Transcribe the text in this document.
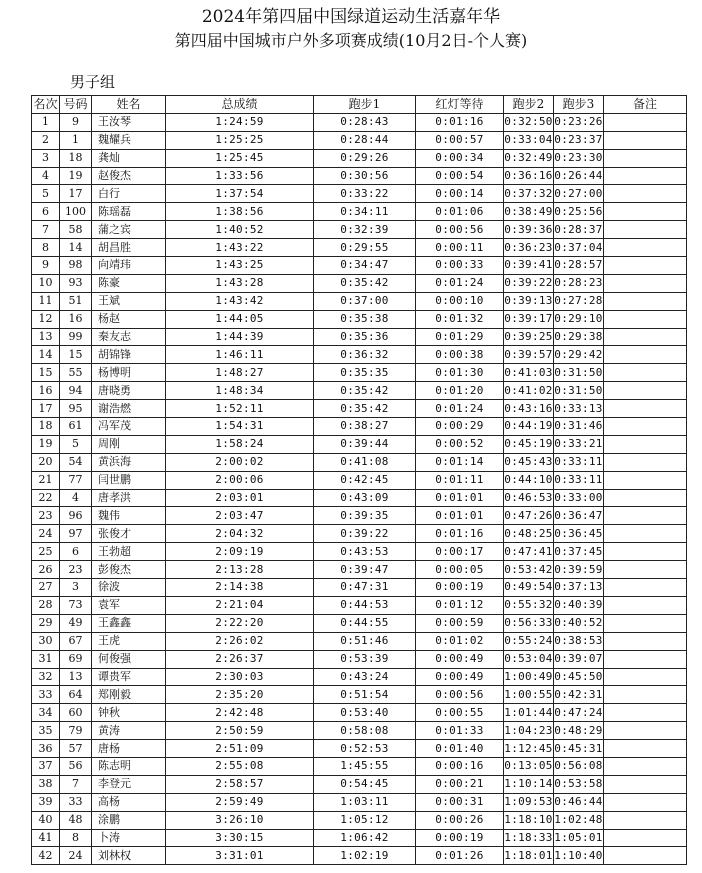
2024年第四届中国绿道运动生活嘉年华
第四届中国城市户外多项赛成绩(10月2日-个人赛)
男子组
名次	号码	姓名	总成绩	跑步1	红灯等待	跑步2	跑步3	备注
1	9	王汝琴	1:24:59	0:28:43	0:01:16	0:32:50	0:23:26	
2	1	魏耀兵	1:25:25	0:28:44	0:00:57	0:33:04	0:23:37	
3	18	龚灿	1:25:45	0:29:26	0:00:34	0:32:49	0:23:30	
4	19	赵俊杰	1:33:56	0:30:56	0:00:54	0:36:16	0:26:44	
5	17	白行	1:37:54	0:33:22	0:00:14	0:37:32	0:27:00	
6	100	陈瑶磊	1:38:56	0:34:11	0:01:06	0:38:49	0:25:56	
7	58	蒲之宾	1:40:52	0:32:39	0:00:56	0:39:36	0:28:37	
8	14	胡昌胜	1:43:22	0:29:55	0:00:11	0:36:23	0:37:04	
9	98	向靖玮	1:43:25	0:34:47	0:00:33	0:39:41	0:28:57	
10	93	陈豪	1:43:28	0:35:42	0:01:24	0:39:22	0:28:23	
11	51	王斌	1:43:42	0:37:00	0:00:10	0:39:13	0:27:28	
12	16	杨赵	1:44:05	0:35:38	0:01:32	0:39:17	0:29:10	
13	99	秦友志	1:44:39	0:35:36	0:01:29	0:39:25	0:29:38	
14	15	胡锦锋	1:46:11	0:36:32	0:00:38	0:39:57	0:29:42	
15	55	杨博明	1:48:27	0:35:35	0:01:30	0:41:03	0:31:50	
16	94	唐晓勇	1:48:34	0:35:42	0:01:20	0:41:02	0:31:50	
17	95	谢浩燃	1:52:11	0:35:42	0:01:24	0:43:16	0:33:13	
18	61	冯军茂	1:54:31	0:38:27	0:00:29	0:44:19	0:31:46	
19	5	周刚	1:58:24	0:39:44	0:00:52	0:45:19	0:33:21	
20	54	黄浜海	2:00:02	0:41:08	0:01:14	0:45:43	0:33:11	
21	77	闫世鹏	2:00:06	0:42:45	0:01:11	0:44:10	0:33:11	
22	4	唐孝洪	2:03:01	0:43:09	0:01:01	0:46:53	0:33:00	
23	96	魏伟	2:03:47	0:39:35	0:01:01	0:47:26	0:36:47	
24	97	张俊才	2:04:32	0:39:22	0:01:16	0:48:25	0:36:45	
25	6	王勃超	2:09:19	0:43:53	0:00:17	0:47:41	0:37:45	
26	23	彭俊杰	2:13:28	0:39:47	0:00:05	0:53:42	0:39:59	
27	3	徐波	2:14:38	0:47:31	0:00:19	0:49:54	0:37:13	
28	73	袁军	2:21:04	0:44:53	0:01:12	0:55:32	0:40:39	
29	49	王鑫鑫	2:22:20	0:44:55	0:00:59	0:56:33	0:40:52	
30	67	王虎	2:26:02	0:51:46	0:01:02	0:55:24	0:38:53	
31	69	何俊强	2:26:37	0:53:39	0:00:49	0:53:04	0:39:07	
32	13	谭贵军	2:30:03	0:43:24	0:00:49	1:00:49	0:45:50	
33	64	郑刚毅	2:35:20	0:51:54	0:00:56	1:00:55	0:42:31	
34	60	钟秋	2:42:48	0:53:40	0:00:55	1:01:44	0:47:24	
35	79	黄涛	2:50:59	0:58:08	0:01:33	1:04:23	0:48:29	
36	57	唐杨	2:51:09	0:52:53	0:01:40	1:12:45	0:45:31	
37	56	陈志明	2:55:08	1:45:55	0:00:16	0:13:05	0:56:08	
38	7	李登元	2:58:57	0:54:45	0:00:21	1:10:14	0:53:58	
39	33	高杨	2:59:49	1:03:11	0:00:31	1:09:53	0:46:44	
40	48	涂鹏	3:26:10	1:05:12	0:00:26	1:18:10	1:02:48	
41	8	卜涛	3:30:15	1:06:42	0:00:19	1:18:33	1:05:01	
42	24	刘林权	3:31:01	1:02:19	0:01:26	1:18:01	1:10:40	
